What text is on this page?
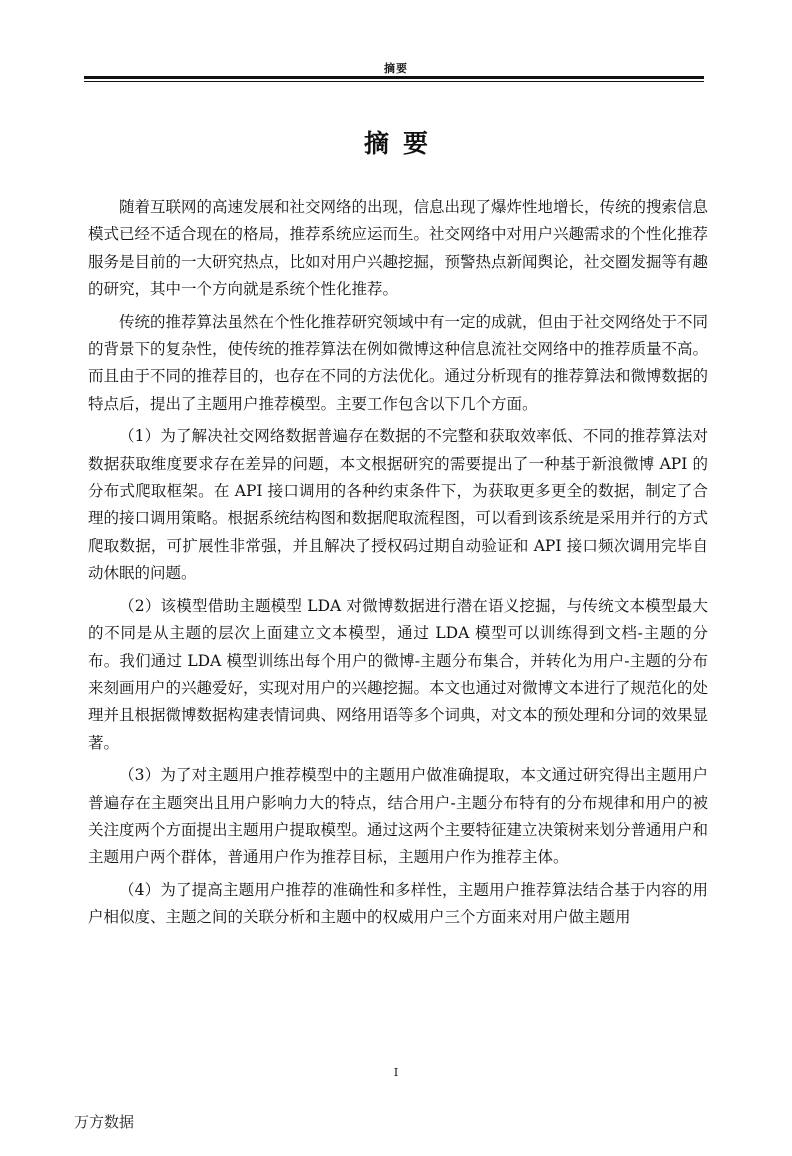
摘要
摘要

随着互联网的高速发展和社交网络的出现，信息出现了爆炸性地增长，传统的搜索信息模式已经不适合现在的格局，推荐系统应运而生。社交网络中对用户兴趣需求的个性化推荐服务是目前的一大研究热点，比如对用户兴趣挖掘，预警热点新闻舆论，社交圈发掘等有趣的研究，其中一个方向就是系统个性化推荐。

传统的推荐算法虽然在个性化推荐研究领域中有一定的成就，但由于社交网络处于不同的背景下的复杂性，使传统的推荐算法在例如微博这种信息流社交网络中的推荐质量不高。而且由于不同的推荐目的，也存在不同的方法优化。通过分析现有的推荐算法和微博数据的特点后，提出了主题用户推荐模型。主要工作包含以下几个方面。

（1）为了解决社交网络数据普遍存在数据的不完整和获取效率低、不同的推荐算法对数据获取维度要求存在差异的问题，本文根据研究的需要提出了一种基于新浪微博 API 的分布式爬取框架。在 API 接口调用的各种约束条件下，为获取更多更全的数据，制定了合理的接口调用策略。根据系统结构图和数据爬取流程图，可以看到该系统是采用并行的方式爬取数据，可扩展性非常强，并且解决了授权码过期自动验证和 API 接口频次调用完毕自动休眠的问题。

（2）该模型借助主题模型 LDA 对微博数据进行潜在语义挖掘，与传统文本模型最大的不同是从主题的层次上面建立文本模型，通过 LDA 模型可以训练得到文档-主题的分布。我们通过 LDA 模型训练出每个用户的微博-主题分布集合，并转化为用户-主题的分布来刻画用户的兴趣爱好，实现对用户的兴趣挖掘。本文也通过对微博文本进行了规范化的处理并且根据微博数据构建表情词典、网络用语等多个词典，对文本的预处理和分词的效果显著。

（3）为了对主题用户推荐模型中的主题用户做准确提取，本文通过研究得出主题用户普遍存在主题突出且用户影响力大的特点，结合用户-主题分布特有的分布规律和用户的被关注度两个方面提出主题用户提取模型。通过这两个主要特征建立决策树来划分普通用户和主题用户两个群体，普通用户作为推荐目标，主题用户作为推荐主体。

（4）为了提高主题用户推荐的准确性和多样性，主题用户推荐算法结合基于内容的用户相似度、主题之间的关联分析和主题中的权威用户三个方面来对用户做主题用

I
万方数据
